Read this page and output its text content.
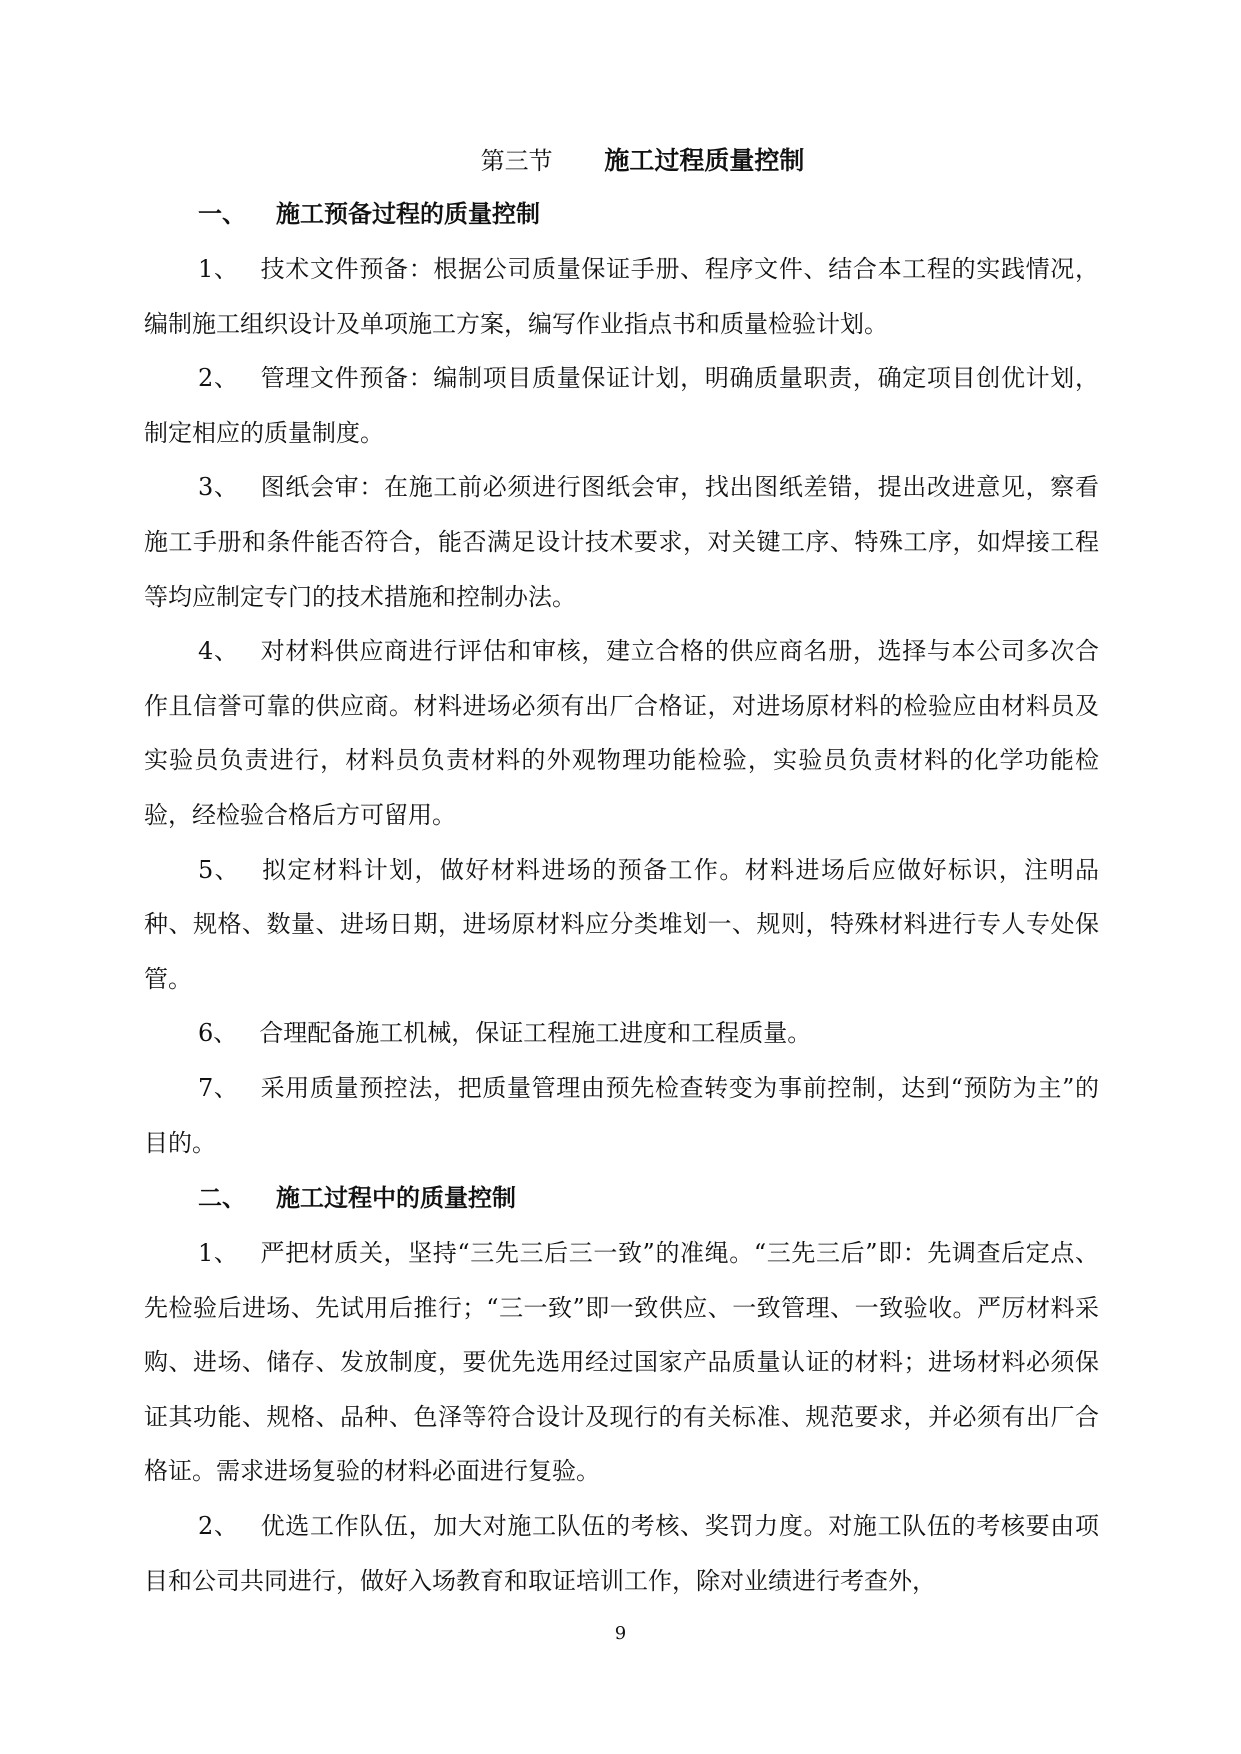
第三节 施工过程质量控制
一、 施工预备过程的质量控制

1、 技术文件预备：根据公司质量保证手册、程序文件、结合本工程的实践情况，编制施工组织设计及单项施工方案，编写作业指点书和质量检验计划。

2、 管理文件预备：编制项目质量保证计划，明确质量职责，确定项目创优计划，制定相应的质量制度。

3、 图纸会审：在施工前必须进行图纸会审，找出图纸差错，提出改进意见，察看施工手册和条件能否符合，能否满足设计技术要求，对关键工序、特殊工序，如焊接工程等均应制定专门的技术措施和控制办法。

4、 对材料供应商进行评估和审核，建立合格的供应商名册，选择与本公司多次合作且信誉可靠的供应商。材料进场必须有出厂合格证，对进场原材料的检验应由材料员及实验员负责进行，材料员负责材料的外观物理功能检验，实验员负责材料的化学功能检验，经检验合格后方可留用。

5、 拟定材料计划，做好材料进场的预备工作。材料进场后应做好标识，注明品种、规格、数量、进场日期，进场原材料应分类堆划一、规则，特殊材料进行专人专处保管。

6、 合理配备施工机械，保证工程施工进度和工程质量。

7、 采用质量预控法，把质量管理由预先检查转变为事前控制，达到“预防为主”的目的。

二、 施工过程中的质量控制

1、 严把材质关，坚持“三先三后三一致”的准绳。“三先三后”即：先调查后定点、先检验后进场、先试用后推行；“三一致”即一致供应、一致管理、一致验收。严厉材料采购、进场、储存、发放制度，要优先选用经过国家产品质量认证的材料；进场材料必须保证其功能、规格、品种、色泽等符合设计及现行的有关标准、规范要求，并必须有出厂合格证。需求进场复验的材料必面进行复验。

2、 优选工作队伍，加大对施工队伍的考核、奖罚力度。对施工队伍的考核要由项目和公司共同进行，做好入场教育和取证培训工作，除对业绩进行考查外，

9
